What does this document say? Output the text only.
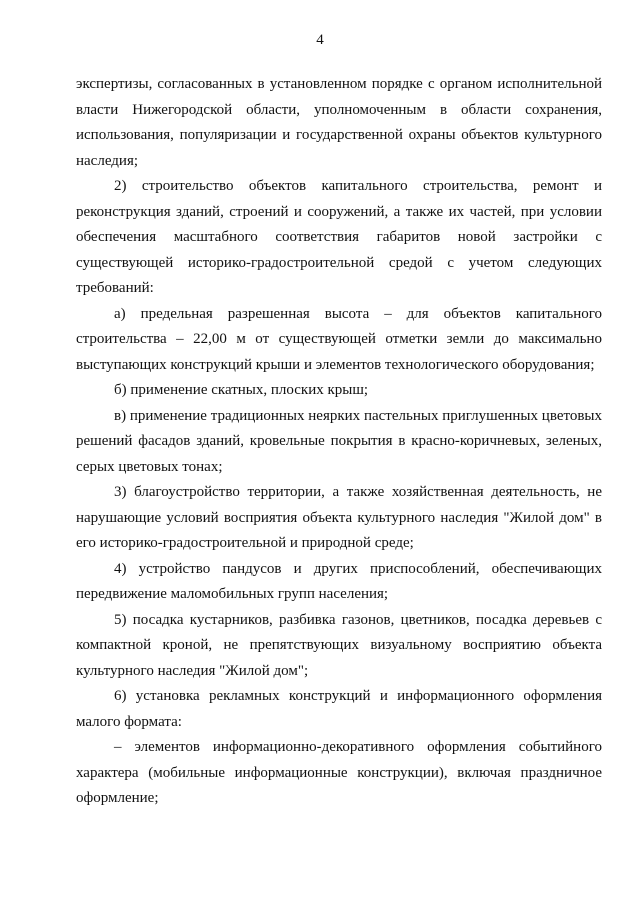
4

экспертизы, согласованных в установленном порядке с органом исполнительной власти Нижегородской области, уполномоченным в области сохранения, использования, популяризации и государственной охраны объектов культурного наследия;

2) строительство объектов капитального строительства, ремонт и реконструкция зданий, строений и сооружений, а также их частей, при условии обеспечения масштабного соответствия габаритов новой застройки с существующей историко-градостроительной средой с учетом следующих требований:

а) предельная разрешенная высота – для объектов капитального строительства – 22,00 м от существующей отметки земли до максимально выступающих конструкций крыши и элементов технологического оборудования;

б) применение скатных, плоских крыш;

в) применение традиционных неярких пастельных приглушенных цветовых решений фасадов зданий, кровельные покрытия в красно-коричневых, зеленых, серых цветовых тонах;

3) благоустройство территории, а также хозяйственная деятельность, не нарушающие условий восприятия объекта культурного наследия "Жилой дом" в его историко-градостроительной и природной среде;

4) устройство пандусов и других приспособлений, обеспечивающих передвижение маломобильных групп населения;

5) посадка кустарников, разбивка газонов, цветников, посадка деревьев с компактной кроной, не препятствующих визуальному восприятию объекта культурного наследия "Жилой дом";

6) установка рекламных конструкций и информационного оформления малого формата:

– элементов информационно-декоративного оформления событийного характера (мобильные информационные конструкции), включая праздничное оформление;
